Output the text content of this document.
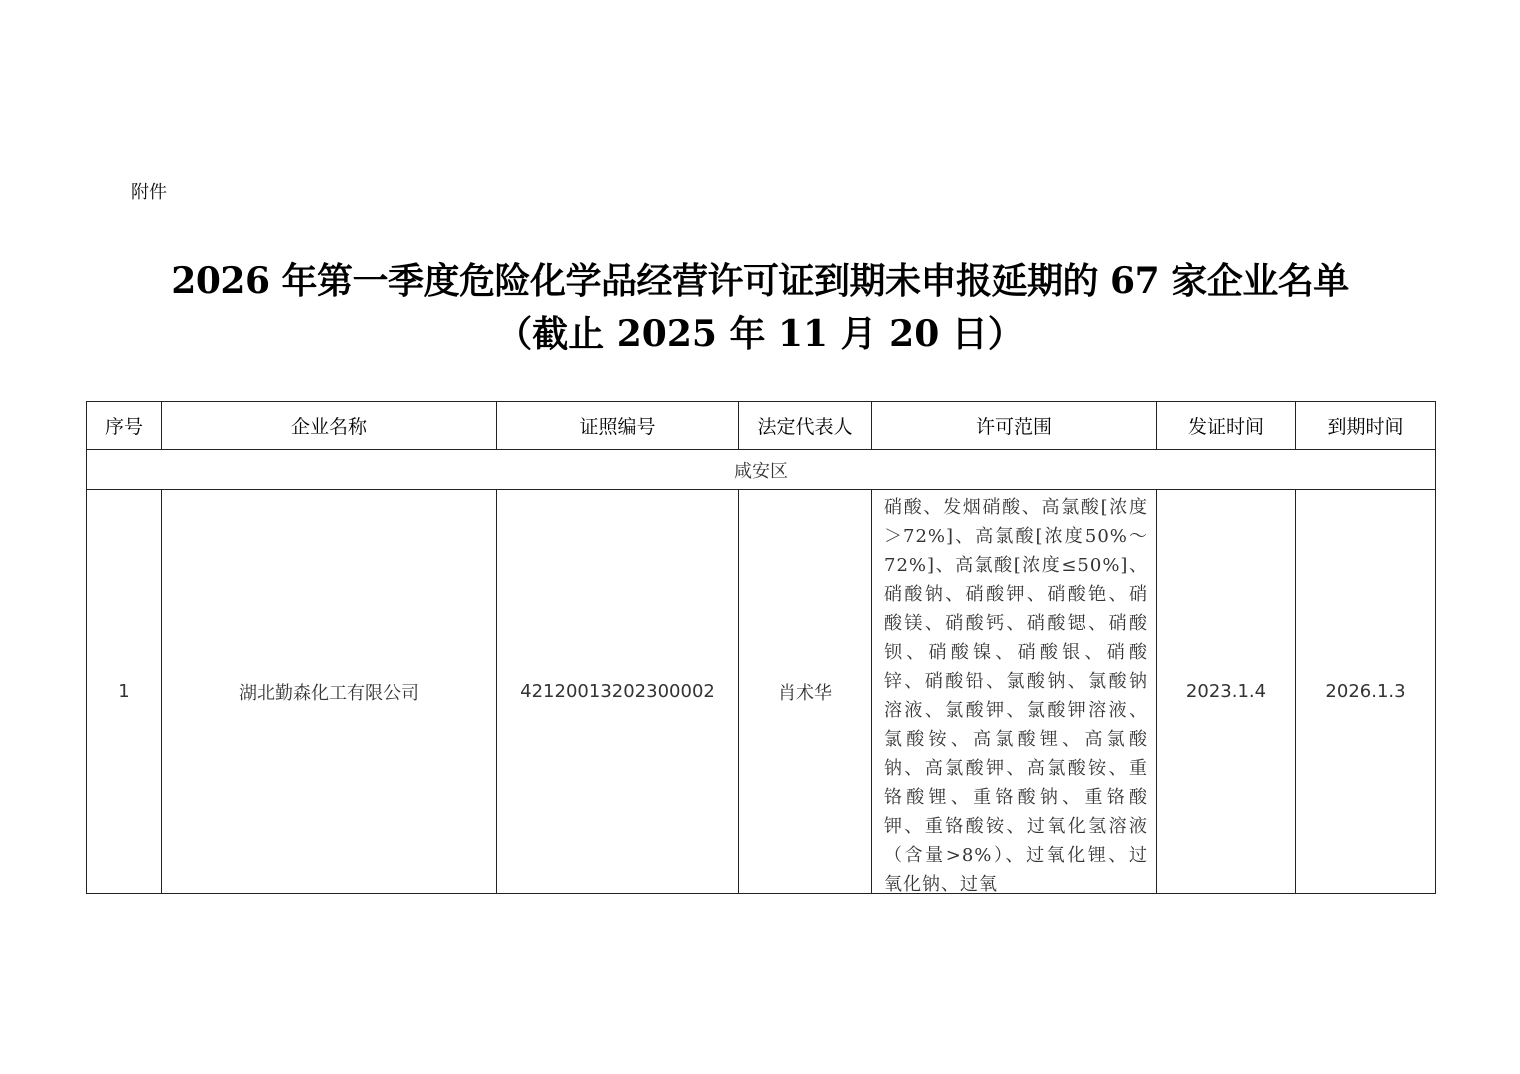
附件
2026 年第一季度危险化学品经营许可证到期未申报延期的 67 家企业名单
（截止 2025 年 11 月 20 日）
序号	企业名称	证照编号	法定代表人	许可范围	发证时间	到期时间
咸安区						
1	湖北勤森化工有限公司	42120013202300002	肖术华	硝酸、发烟硝酸、高氯酸[浓度＞72%]、高氯酸[浓度50%～72%]、高氯酸[浓度≤50%]、硝酸钠、硝酸钾、硝酸铯、硝酸镁、硝酸钙、硝酸锶、硝酸钡、硝酸镍、硝酸银、硝酸锌、硝酸铅、氯酸钠、氯酸钠溶液、氯酸钾、氯酸钾溶液、氯酸铵、高氯酸锂、高氯酸钠、高氯酸钾、高氯酸铵、重铬酸锂、重铬酸钠、重铬酸钾、重铬酸铵、过氧化氢溶液（含量>8%）、过氧化锂、过氧化钠、过氧	2023.1.4	2026.1.3
